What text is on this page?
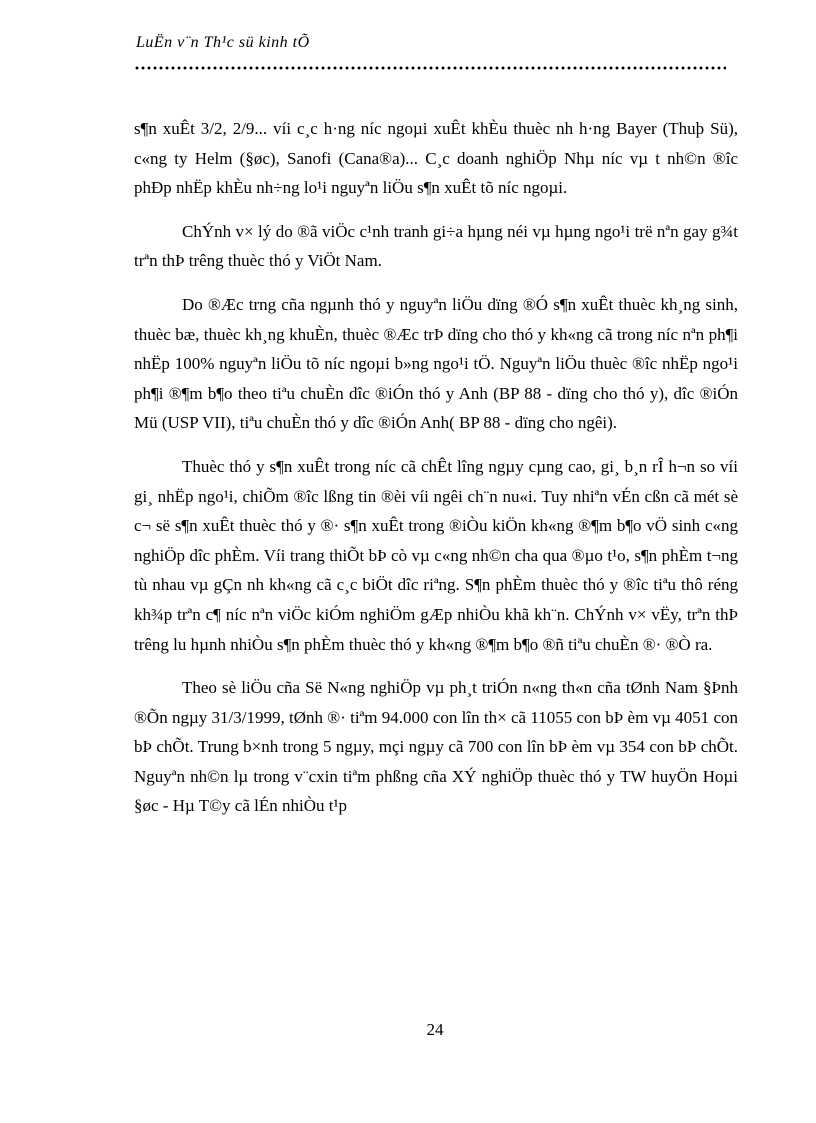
LuËn v¨n Th¹c sü kinh tÕ

s¶n xuÊt 3/2, 2/9... víi c¸c h·ng níc ngoµi xuÊt khÈu thuèc nh h·ng Bayer (Thuþ Sü), c«ng ty Helm (§øc), Sanofi (Cana®a)... C¸c doanh nghiÖp Nhµ níc vµ t nh©n ®îc phÐp nhËp khÈu nh÷ng lo¹i nguyªn liÖu s¶n xuÊt tõ níc ngoµi.

ChÝnh v× lý do ®ã viÖc c¹nh tranh gi÷a hµng néi vµ hµng ngo¹i trë nªn gay g¾t trªn thÞ trêng thuèc thó y ViÖt Nam.

Do ®Æc trng cña ngµnh thó y nguyªn liÖu dïng ®Ó s¶n xuÊt thuèc kh¸ng sinh, thuèc bæ, thuèc kh¸ng khuÈn, thuèc ®Æc trÞ dïng cho thó y kh«ng cã trong níc nªn ph¶i nhËp 100% nguyªn liÖu tõ níc ngoµi b»ng ngo¹i tÖ. Nguyªn liÖu thuèc ®îc nhËp ngo¹i ph¶i ®¶m b¶o theo tiªu chuÈn dîc ®iÓn thó y Anh (BP 88 - dïng cho thó y), dîc ®iÓn Mü (USP VII), tiªu chuÈn thó y dîc ®iÓn Anh( BP 88 - dïng cho ngêi).

Thuèc thó y s¶n xuÊt trong níc cã chÊt lîng ngµy cµng cao, gi¸ b¸n rÎ h¬n so víi gi¸ nhËp ngo¹i, chiÕm ®îc lßng tin ®èi víi ngêi ch¨n nu«i. Tuy nhiªn vÉn cßn cã mét sè c¬ së s¶n xuÊt thuèc thó y ®· s¶n xuÊt trong ®iÒu kiÖn kh«ng ®¶m b¶o vÖ sinh c«ng nghiÖp dîc phÈm. Víi trang thiÕt bÞ cò vµ c«ng nh©n cha qua ®µo t¹o, s¶n phÈm t¬ng tù nhau vµ gÇn nh kh«ng cã c¸c biÖt dîc riªng. S¶n phÈm thuèc thó y ®îc tiªu thô réng kh¾p trªn c¶ níc nªn viÖc kiÓm nghiÖm gÆp nhiÒu khã kh¨n. ChÝnh v× vËy, trªn thÞ trêng lu hµnh nhiÒu s¶n phÈm thuèc thó y kh«ng ®¶m b¶o ®ñ tiªu chuÈn ®· ®Ò ra.

Theo sè liÖu cña Së N«ng nghiÖp vµ ph¸t triÓn n«ng th«n cña tØnh Nam §Þnh ®Õn ngµy 31/3/1999, tØnh ®· tiªm 94.000 con lîn th× cã 11055 con bÞ èm vµ 4051 con bÞ chÕt. Trung b×nh trong 5 ngµy, mçi ngµy cã 700 con lîn bÞ èm vµ 354 con bÞ chÕt. Nguyªn nh©n lµ trong v¨cxin tiªm phßng cña XÝ nghiÖp thuèc thó y TW huyÖn Hoµi §øc - Hµ T©y cã lÉn nhiÒu t¹p

24
